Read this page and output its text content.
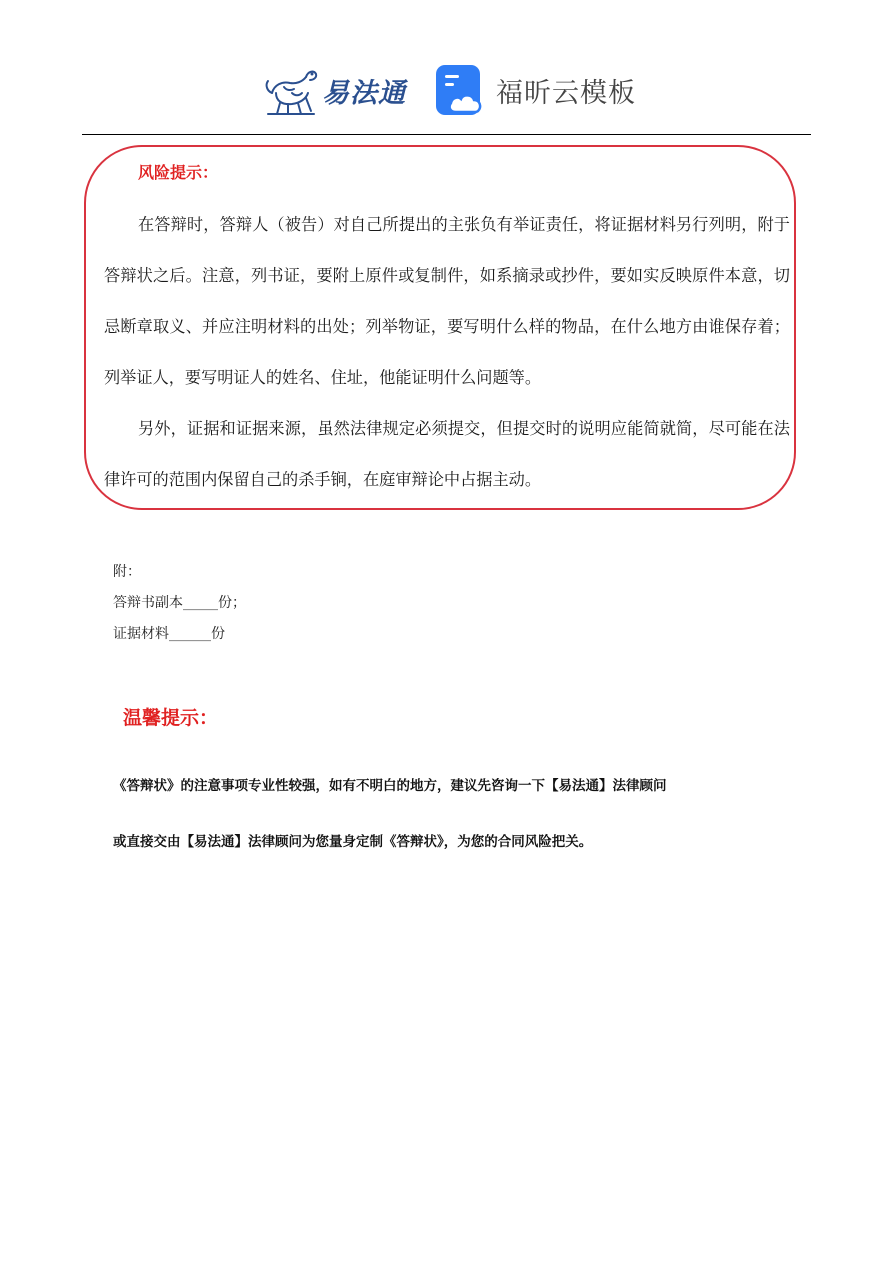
易法通	福昕云模板
风险提示：

在答辩时，答辩人（被告）对自己所提出的主张负有举证责任，将证据材料另行列明，附于答辩状之后。注意，列书证，要附上原件或复制件，如系摘录或抄件，要如实反映原件本意，切忌断章取义、并应注明材料的出处；列举物证，要写明什么样的物品，在什么地方由谁保存着；列举证人，要写明证人的姓名、住址，他能证明什么问题等。

另外，证据和证据来源，虽然法律规定必须提交，但提交时的说明应能简就简，尽可能在法律许可的范围内保留自己的杀手锏，在庭审辩论中占据主动。

附：
答辩书副本_____份；
证据材料______份
温馨提示：
《答辩状》的注意事项专业性较强，如有不明白的地方，建议先咨询一下【易法通】法律顾问
或直接交由【易法通】法律顾问为您量身定制《答辩状》，为您的合同风险把关。
